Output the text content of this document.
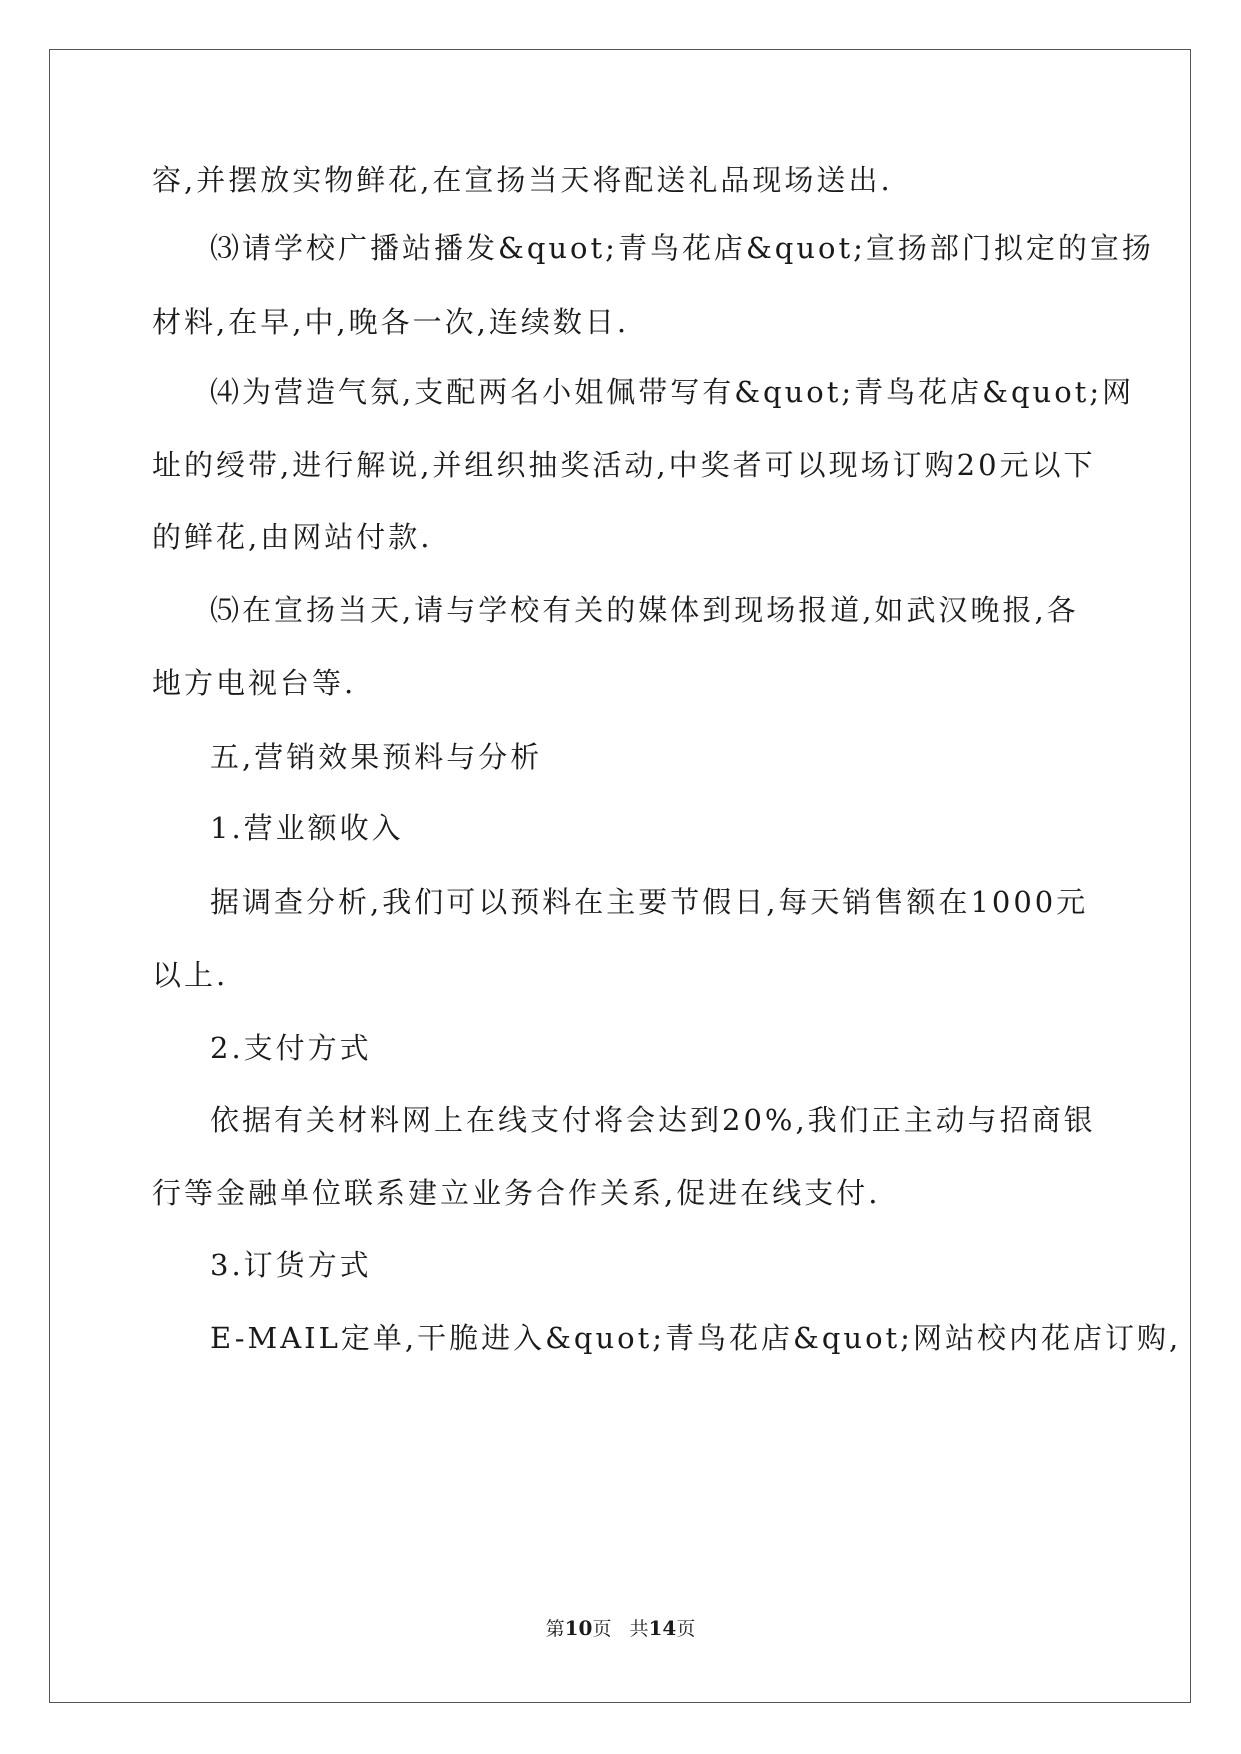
容,并摆放实物鲜花,在宣扬当天将配送礼品现场送出.
⑶请学校广播站播发&quot;青鸟花店&quot;宣扬部门拟定的宣扬
材料,在早,中,晚各一次,连续数日.
⑷为营造气氛,支配两名小姐佩带写有&quot;青鸟花店&quot;网
址的绶带,进行解说,并组织抽奖活动,中奖者可以现场订购20元以下
的鲜花,由网站付款.
⑸在宣扬当天,请与学校有关的媒体到现场报道,如武汉晚报,各
地方电视台等.
五,营销效果预料与分析
1.营业额收入
据调查分析,我们可以预料在主要节假日,每天销售额在1000元
以上.
2.支付方式
依据有关材料网上在线支付将会达到20%,我们正主动与招商银
行等金融单位联系建立业务合作关系,促进在线支付.
3.订货方式
E-MAIL定单,干脆进入&quot;青鸟花店&quot;网站校内花店订购,
第10页 共14页
